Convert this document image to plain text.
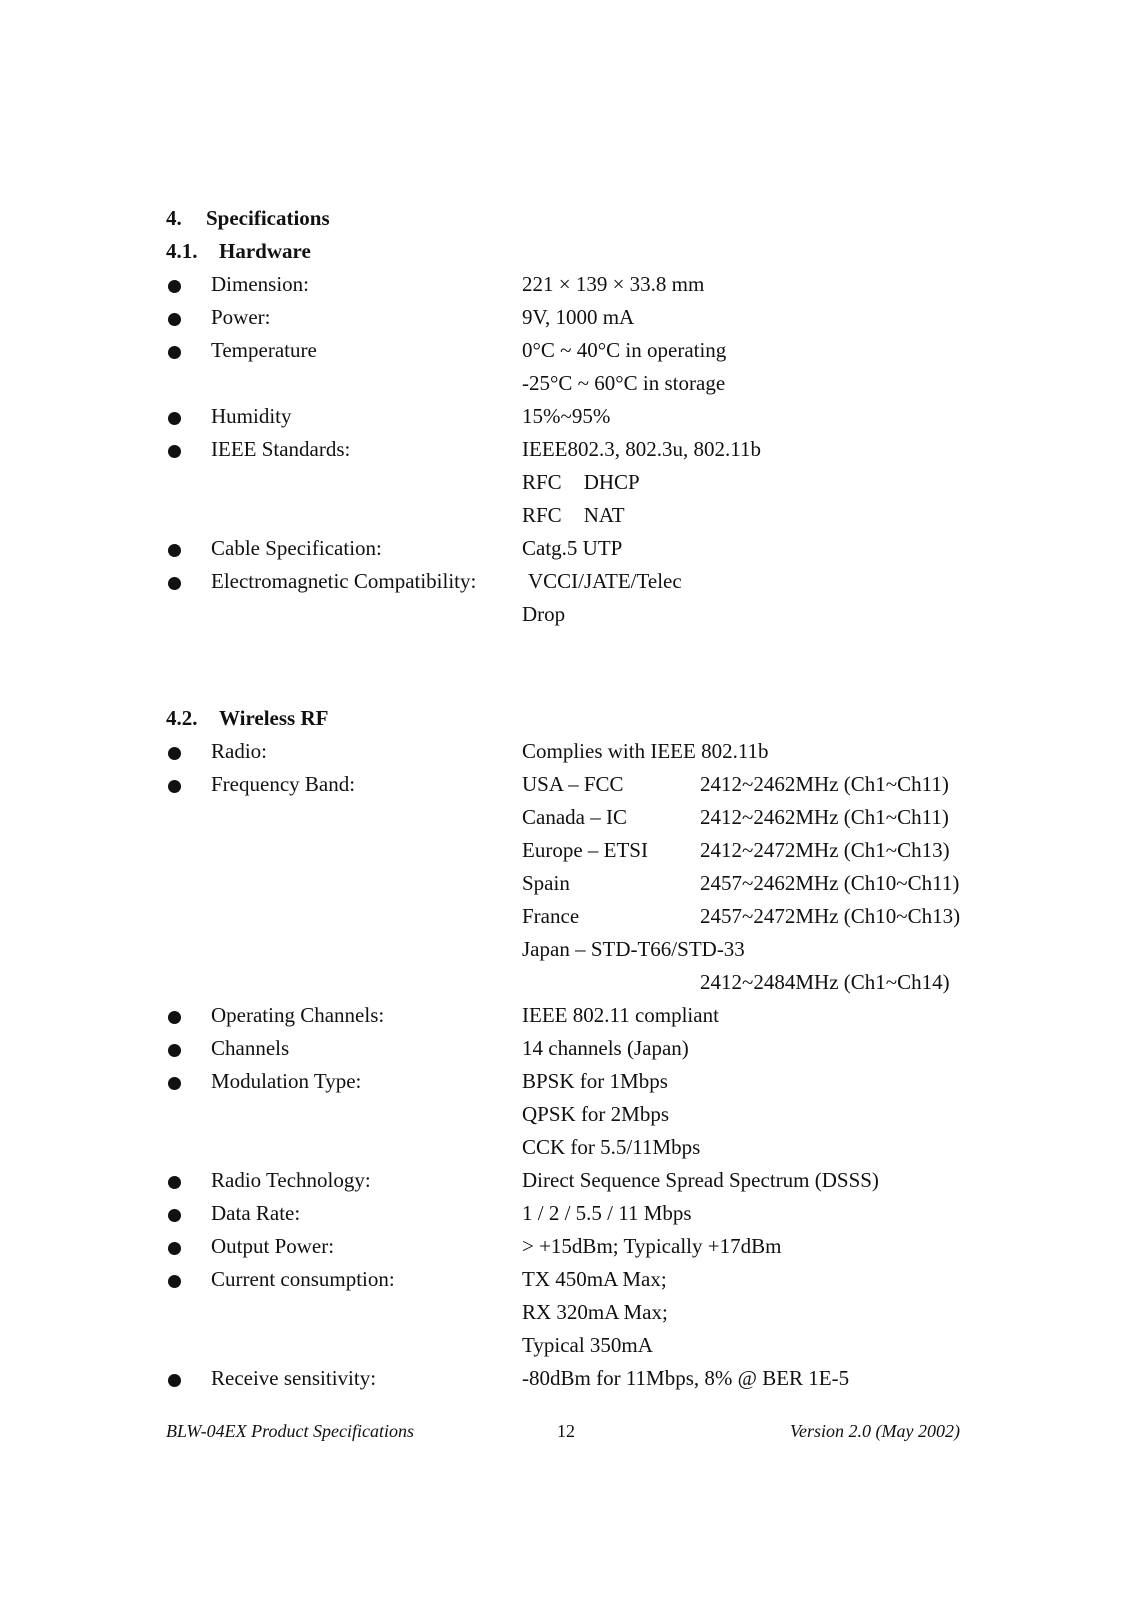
4. Specifications
4.1. Hardware
Dimension:	221 × 139 × 33.8 mm
Power:	9V, 1000 mA
Temperature	0°C ~ 40°C in operating
-25°C ~ 60°C in storage
Humidity	15%~95%
IEEE Standards:	IEEE802.3, 802.3u, 802.11b
RFC DHCP
RFC NAT
Cable Specification:	Catg.5 UTP
Electromagnetic Compatibility: VCCI/JATE/Telec
Drop
4.2. Wireless RF
Radio:	Complies with IEEE 802.11b
Frequency Band:	USA – FCC	2412~2462MHz (Ch1~Ch11)
Canada – IC	2412~2462MHz (Ch1~Ch11)
Europe – ETSI 2412~2472MHz (Ch1~Ch13)
Spain	2457~2462MHz (Ch10~Ch11)
France	2457~2472MHz (Ch10~Ch13)
Japan – STD-T66/STD-33
2412~2484MHz (Ch1~Ch14)
Operating Channels:	IEEE 802.11 compliant
Channels	14 channels (Japan)
Modulation Type:	BPSK for 1Mbps
QPSK for 2Mbps
CCK for 5.5/11Mbps
Radio Technology:	Direct Sequence Spread Spectrum (DSSS)
Data Rate:	1 / 2 / 5.5 / 11 Mbps
Output Power:	> +15dBm; Typically +17dBm
Current consumption:	TX 450mA Max;
RX 320mA Max;
Typical 350mA
Receive sensitivity:	-80dBm for 11Mbps, 8% @ BER 1E-5
BLW-04EX Product Specifications	12	Version 2.0 (May 2002)
